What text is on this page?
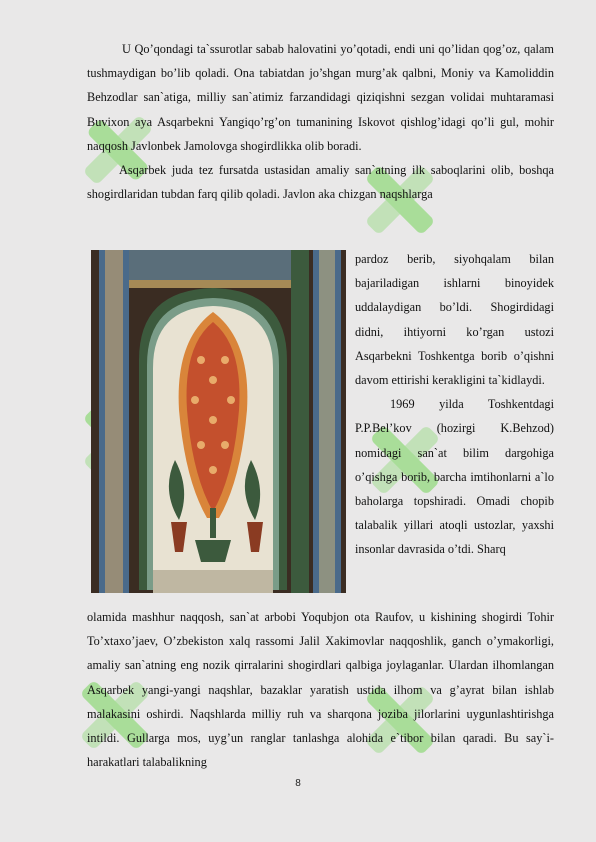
U Qo’qondagi ta`ssurotlar sabab halovatini yo’qotadi, endi uni qo’lidan qog’oz, qalam tushmaydigan bo’lib qoladi. Ona tabiatdan jo’shgan murg’ak qalbni, Moniy va Kamoliddin Behzodlar san`atiga, milliy san`atimiz farzandidagi qiziqishni sezgan volidai muhtaramasi Buvixon aya Asqarbekni Yangiqo’rg’on tumanining Iskovot qishlog’idagi qo’li gul, mohir naqqosh Javlonbek Jamolovga shogirdlikka olib boradi.

Asqarbek juda tez fursatda ustasidan amaliy san`atning ilk saboqlarini olib, boshqa shogirdlaridan tubdan farq qilib qoladi. Javlon aka chizgan naqshlarga

pardoz berib, siyohqalam bilan bajariladigan ishlarni binoyidek uddalaydigan bo’ldi. Shogirdidagi didni, ihtiyorni ko’rgan ustozi Asqarbekni Toshkentga borib o’qishni davom ettirishi kerakligini ta`kidlaydi.

1969 yilda Toshkentdagi P.P.Bel’kov (hozirgi K.Behzod) nomidagi san`at bilim dargohiga o’qishga borib, barcha imtihonlarni a`lo baholarga topshiradi. Omadi chopib talabalik yillari atoqli ustozlar, yaxshi insonlar davrasida o’tdi. Sharq

olamida mashhur naqqosh, san`at arbobi Yoqubjon ota Raufov, u kishining shogirdi Tohir To’xtaxo’jaev, O’zbekiston xalq rassomi Jalil Xakimovlar naqqoshlik, ganch o’ymakorligi, amaliy san`atning eng nozik qirralarini shogirdlari qalbiga joylaganlar. Ulardan ilhomlangan Asqarbek yangi-yangi naqshlar, bazaklar yaratish ustida ilhom va g’ayrat bilan ishlab malakasini oshirdi. Naqshlarda milliy ruh va sharqona joziba jilorlarini uygunlashtirishga intildi. Gullarga mos, uyg’un ranglar tanlashga alohida e`tibor bilan qaradi. Bu say`i-harakatlari talabalikning

8
